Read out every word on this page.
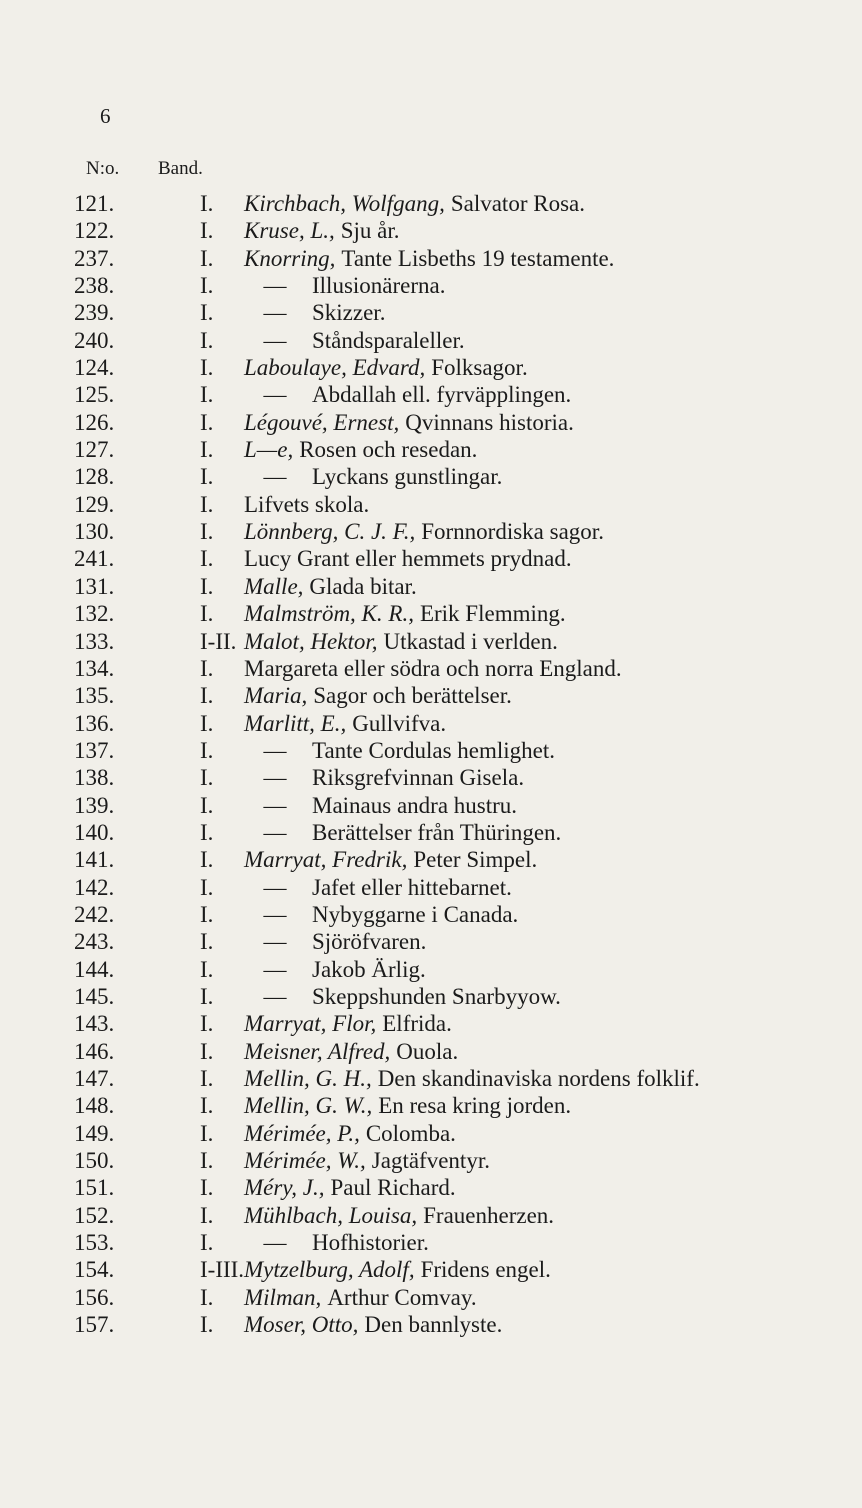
6
N:o. Band.
121.	I.	Kirchbach, Wolfgang, Salvator Rosa.
122.	I.	Kruse, L., Sju år.
237.	I.	Knorring, Tante Lisbeths 19 testamente.
238.	I.	— Illusionärerna.
239.	I.	— Skizzer.
240.	I.	— Ståndsparaleller.
124.	I.	Laboulaye, Edvard, Folksagor.
125.	I.	— Abdallah ell. fyrväpplingen.
126.	I.	Légouvé, Ernest, Qvinnans historia.
127.	I.	L—e, Rosen och resedan.
128.	I.	— Lyckans gunstlingar.
129.	I.	Lifvets skola.
130.	I.	Lönnberg, C. J. F., Fornnordiska sagor.
241.	I.	Lucy Grant eller hemmets prydnad.
131.	I.	Malle, Glada bitar.
132.	I.	Malmström, K. R., Erik Flemming.
133.	I-II. Malot, Hektor, Utkastad i verlden.
134.	I.	Margareta eller södra och norra England.
135.	I.	Maria, Sagor och berättelser.
136.	I.	Marlitt, E., Gullvifva.
137.	I.	— Tante Cordulas hemlighet.
138.	I.	— Riksgrefvinnan Gisela.
139.	I.	— Mainaus andra hustru.
140.	I.	— Berättelser från Thüringen.
141.	I.	Marryat, Fredrik, Peter Simpel.
142.	I.	— Jafet eller hittebarnet.
242.	I.	— Nybyggarne i Canada.
243.	I.	— Sjöröfvaren.
144.	I.	— Jakob Ärlig.
145.	I.	— Skeppshunden Snarbyyow.
143.	I.	Marryat, Flor, Elfrida.
146.	I.	Meisner, Alfred, Ouola.
147.	I.	Mellin, G. H., Den skandinaviska nordens folklif.
148.	I.	Mellin, G. W., En resa kring jorden.
149.	I.	Mérimée, P., Colomba.
150.	I.	Mérimée, W., Jagtäfventyr.
151.	I.	Méry, J., Paul Richard.
152.	I.	Mühlbach, Louisa, Frauenherzen.
153.	I.	— Hofhistorier.
154.	I-III. Mytzelburg, Adolf, Fridens engel.
156.	I.	Milman, Arthur Comvay.
157.	I.	Moser, Otto, Den bannlyste.
